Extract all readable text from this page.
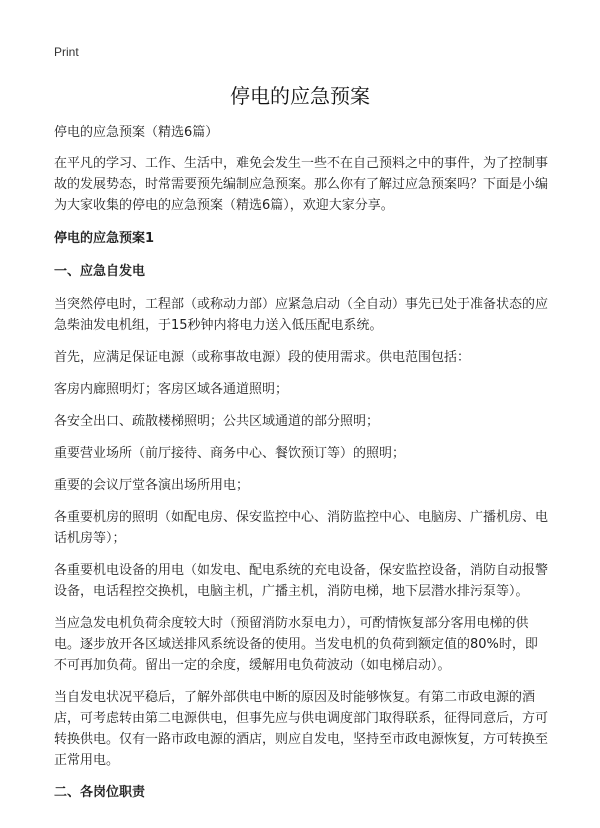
Print
停电的应急预案

停电的应急预案（精选6篇）

在平凡的学习、工作、生活中，难免会发生一些不在自己预料之中的事件，为了控制事故的发展势态，时常需要预先编制应急预案。那么你有了解过应急预案吗？下面是小编为大家收集的停电的应急预案（精选6篇），欢迎大家分享。

停电的应急预案1

一、应急自发电

当突然停电时，工程部（或称动力部）应紧急启动（全自动）事先已处于准备状态的应急柴油发电机组，于15秒钟内将电力送入低压配电系统。

首先，应满足保证电源（或称事故电源）段的使用需求。供电范围包括：

客房内廊照明灯；客房区域各通道照明；

各安全出口、疏散楼梯照明；公共区域通道的部分照明；

重要营业场所（前厅接待、商务中心、餐饮预订等）的照明；

重要的会议厅堂各演出场所用电；

各重要机房的照明（如配电房、保安监控中心、消防监控中心、电脑房、广播机房、电话机房等）；

各重要机电设备的用电（如发电、配电系统的充电设备，保安监控设备，消防自动报警设备，电话程控交换机，电脑主机，广播主机，消防电梯，地下层潜水排污泵等）。

当应急发电机负荷余度较大时（预留消防水泵电力），可酌情恢复部分客用电梯的供电。逐步放开各区域送排风系统设备的使用。当发电机的负荷到额定值的80%时，即不可再加负荷。留出一定的余度，缓解用电负荷波动（如电梯启动）。

当自发电状况平稳后，了解外部供电中断的原因及时能够恢复。有第二市政电源的酒店，可考虑转由第二电源供电，但事先应与供电调度部门取得联系，征得同意后，方可转换供电。仅有一路市政电源的酒店，则应自发电，坚持至市政电源恢复，方可转换至正常用电。

二、各岗位职责
